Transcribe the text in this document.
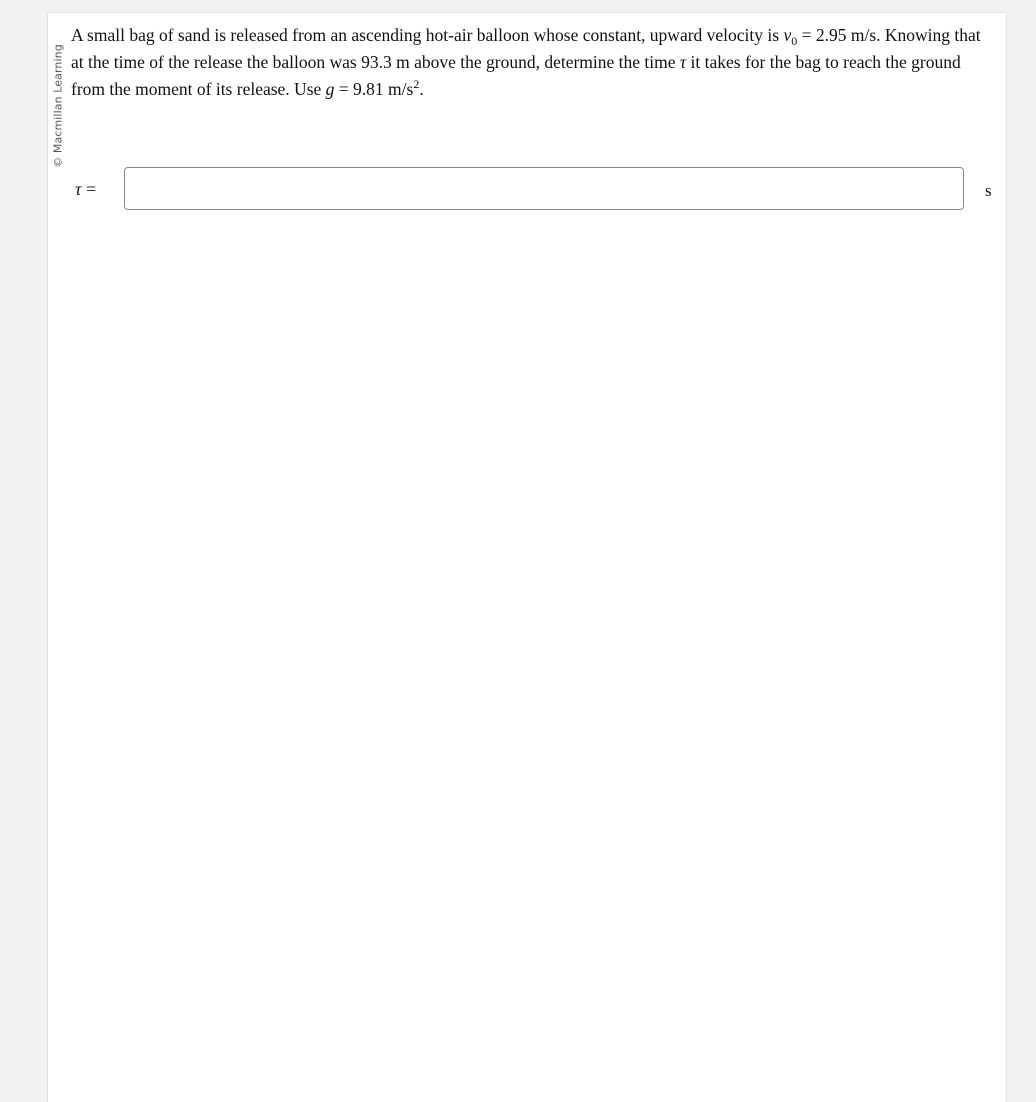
© Macmillan Learning

A small bag of sand is released from an ascending hot-air balloon whose constant, upward velocity is $v_0 = 2.95$ m/s. Knowing that at the time of the release the balloon was 93.3 m above the ground, determine the time τ it takes for the bag to reach the ground from the moment of its release. Use g = 9.81 $m/s^2$.

τ =	s
